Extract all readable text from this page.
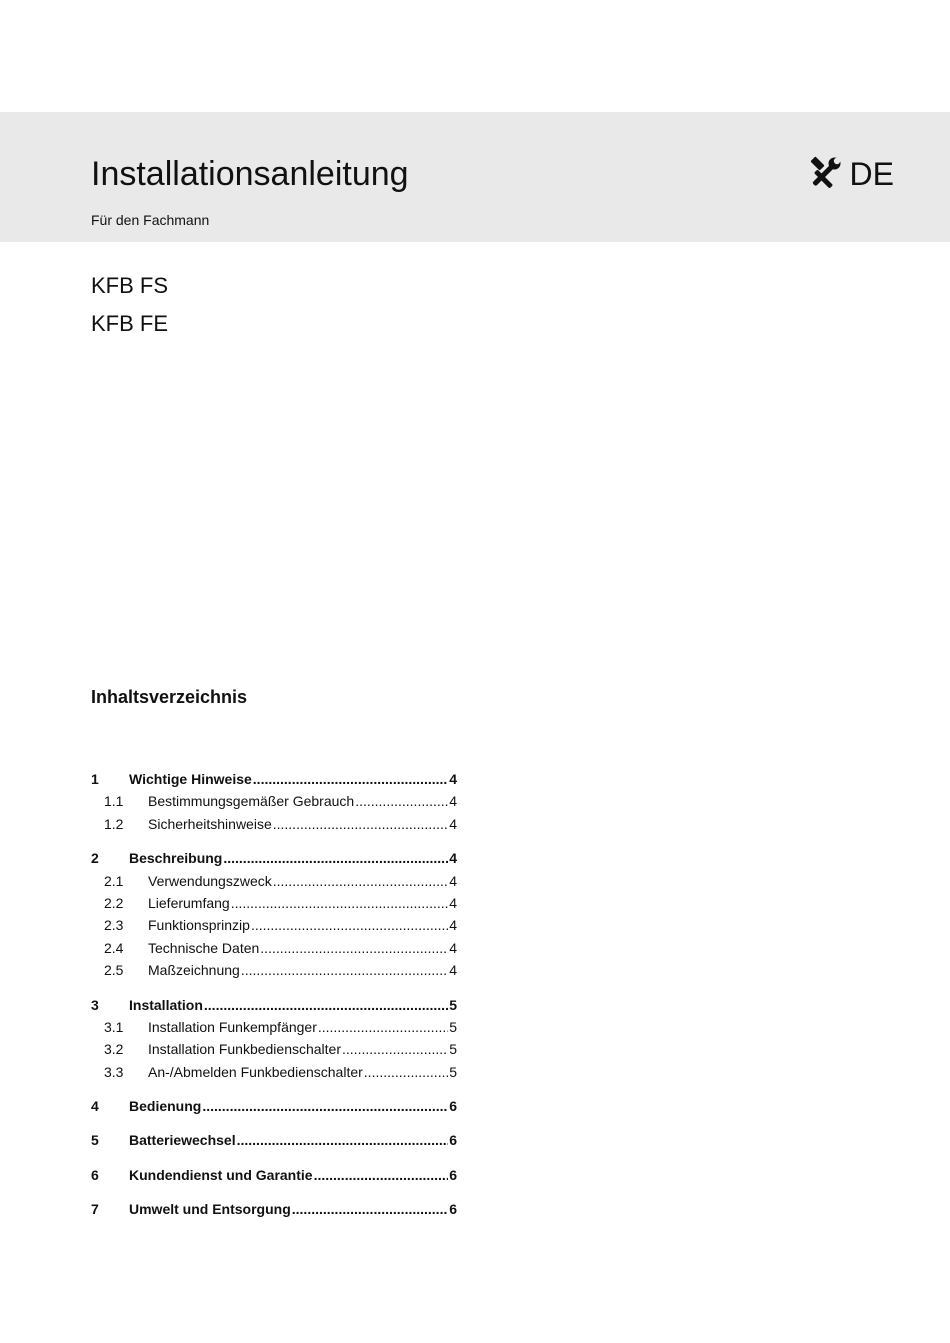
Installationsanleitung
Für den Fachmann
DE
KFB FS
KFB FE
Inhaltsverzeichnis
1	Wichtige Hinweise .....	4
1.1	Bestimmungsgemäßer Gebrauch .....	4
1.2	Sicherheitshinweise .....	4
2	Beschreibung .....	4
2.1	Verwendungszweck .....	4
2.2	Lieferumfang .....	4
2.3	Funktionsprinzip .....	4
2.4	Technische Daten .....	4
2.5	Maßzeichnung .....	4
3	Installation .....	5
3.1	Installation Funkempfänger .....	5
3.2	Installation Funkbedienschalter .....	5
3.3	An-/Abmelden Funkbedienschalter .....	5
4	Bedienung .....	6
5	Batteriewechsel .....	6
6	Kundendienst und Garantie .....	6
7	Umwelt und Entsorgung .....	6
